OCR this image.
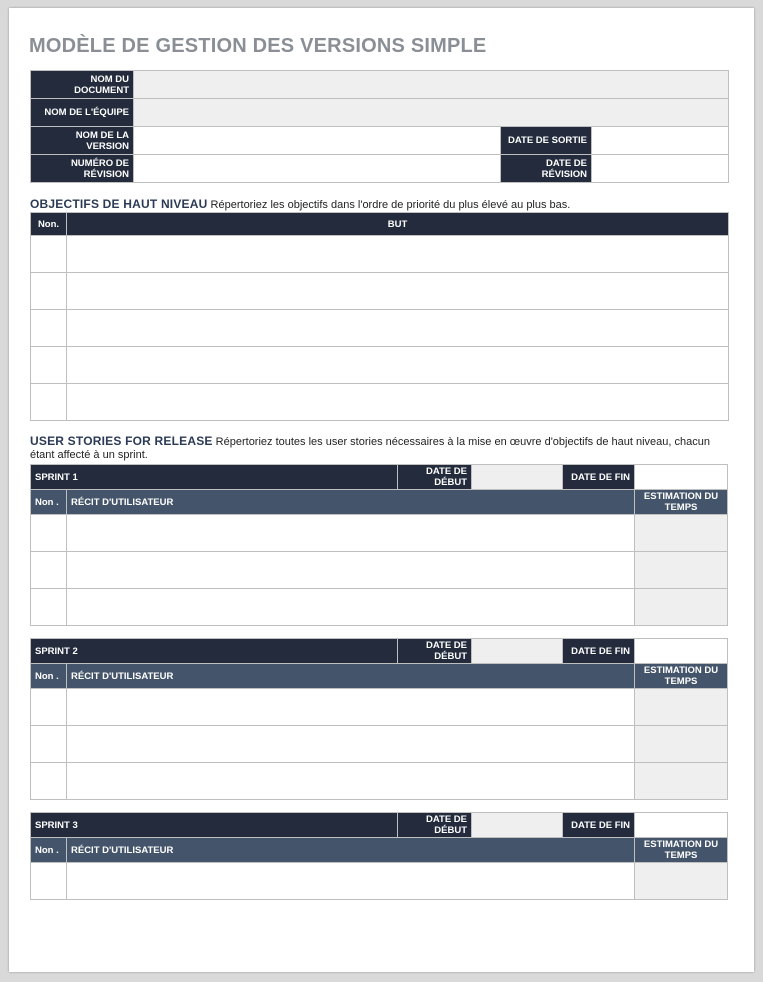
MODÈLE DE GESTION DES VERSIONS SIMPLE
NOM DU DOCUMENT			
NOM DE L'ÉQUIPE			
NOM DE LA VERSION		DATE DE SORTIE	
NUMÉRO DE RÉVISION		DATE DE RÉVISION	
OBJECTIFS DE HAUT NIVEAU Répertoriez les objectifs dans l'ordre de priorité du plus élevé au plus bas.
Non.	BUT

USER STORIES FOR RELEASE Répertoriez toutes les user stories nécessaires à la mise en œuvre d'objectifs de haut niveau, chacun étant affecté à un sprint.
SPRINT 1		DATE DE DÉBUT		DATE DE FIN	
Non .	RÉCIT D'UTILISATEUR				ESTIMATION DU TEMPS

SPRINT 2		DATE DE DÉBUT		DATE DE FIN	
Non .	RÉCIT D'UTILISATEUR				ESTIMATION DU TEMPS

SPRINT 3		DATE DE DÉBUT		DATE DE FIN	
Non .	RÉCIT D'UTILISATEUR				ESTIMATION DU TEMPS
